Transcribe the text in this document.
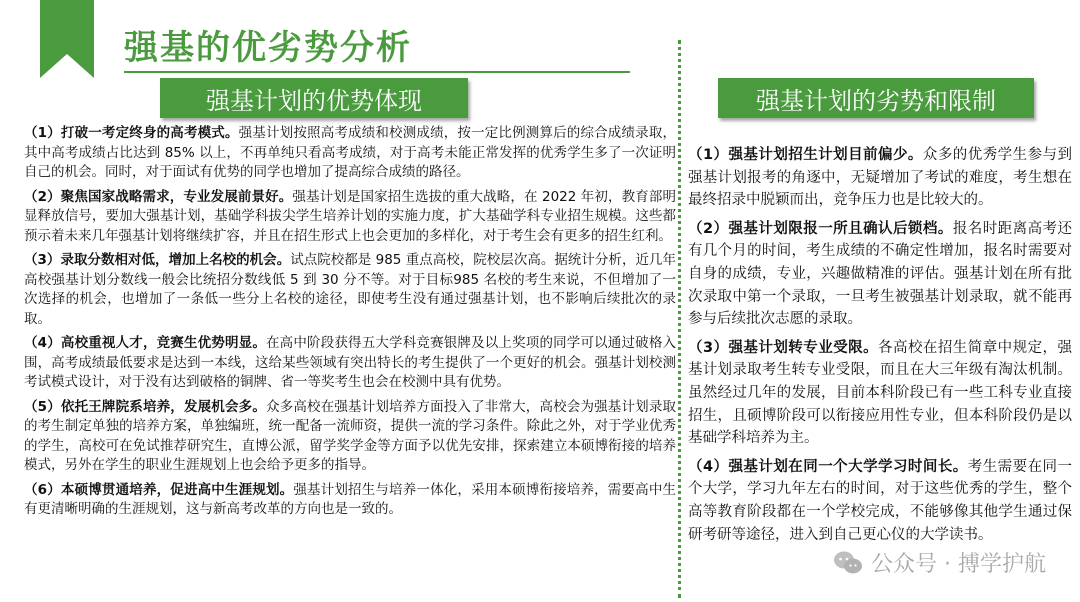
强基的优劣势分析
强基计划的优势体现	强基计划的劣势和限制

（1）打破一考定终身的高考模式。强基计划按照高考成绩和校测成绩，按一定比例测算后的综合成绩录取，其中高考成绩占比达到 85% 以上，不再单纯只看高考成绩，对于高考未能正常发挥的优秀学生多了一次证明自己的机会。同时，对于面试有优势的同学也增加了提高综合成绩的路径。

（2）聚焦国家战略需求，专业发展前景好。强基计划是国家招生选拔的重大战略，在 2022 年初，教育部明显释放信号，要加大强基计划，基础学科拔尖学生培养计划的实施力度，扩大基础学科专业招生规模。这些都预示着未来几年强基计划将继续扩容，并且在招生形式上也会更加的多样化，对于考生会有更多的招生红利。

（3）录取分数相对低，增加上名校的机会。试点院校都是 985 重点高校，院校层次高。据统计分析，近几年高校强基计划分数线一般会比统招分数线低 5 到 30 分不等。对于目标985 名校的考生来说，不但增加了一次选择的机会，也增加了一条低一些分上名校的途径，即使考生没有通过强基计划，也不影响后续批次的录取。

（4）高校重视人才，竞赛生优势明显。在高中阶段获得五大学科竞赛银牌及以上奖项的同学可以通过破格入围，高考成绩最低要求是达到一本线，这给某些领域有突出特长的考生提供了一个更好的机会。强基计划校测考试模式设计，对于没有达到破格的铜牌、省一等奖考生也会在校测中具有优势。

（5）依托王牌院系培养，发展机会多。众多高校在强基计划培养方面投入了非常大，高校会为强基计划录取的考生制定单独的培养方案，单独编班，统一配备一流师资，提供一流的学习条件。除此之外，对于学业优秀的学生，高校可在免试推荐研究生，直博公派，留学奖学金等方面予以优先安排，探索建立本硕博衔接的培养模式，另外在学生的职业生涯规划上也会给予更多的指导。

（6）本硕博贯通培养，促进高中生涯规划。强基计划招生与培养一体化，采用本硕博衔接培养，需要高中生有更清晰明确的生涯规划，这与新高考改革的方向也是一致的。

（1）强基计划招生计划目前偏少。众多的优秀学生参与到强基计划报考的角逐中，无疑增加了考试的难度，考生想在最终招录中脱颖而出，竞争压力也是比较大的。

（2）强基计划限报一所且确认后锁档。报名时距离高考还有几个月的时间，考生成绩的不确定性增加，报名时需要对自身的成绩，专业，兴趣做精准的评估。强基计划在所有批次录取中第一个录取，一旦考生被强基计划录取，就不能再参与后续批次志愿的录取。

（3）强基计划转专业受限。各高校在招生简章中规定，强基计划录取考生转专业受限，而且在大三年级有淘汰机制。虽然经过几年的发展，目前本科阶段已有一些工科专业直接招生，且硕博阶段可以衔接应用性专业，但本科阶段仍是以基础学科培养为主。

（4）强基计划在同一个大学学习时间长。考生需要在同一个大学，学习九年左右的时间，对于这些优秀的学生，整个高等教育阶段都在一个学校完成，不能够像其他学生通过保研考研等途径，进入到自己更心仪的大学读书。

公众号 · 搏学护航
